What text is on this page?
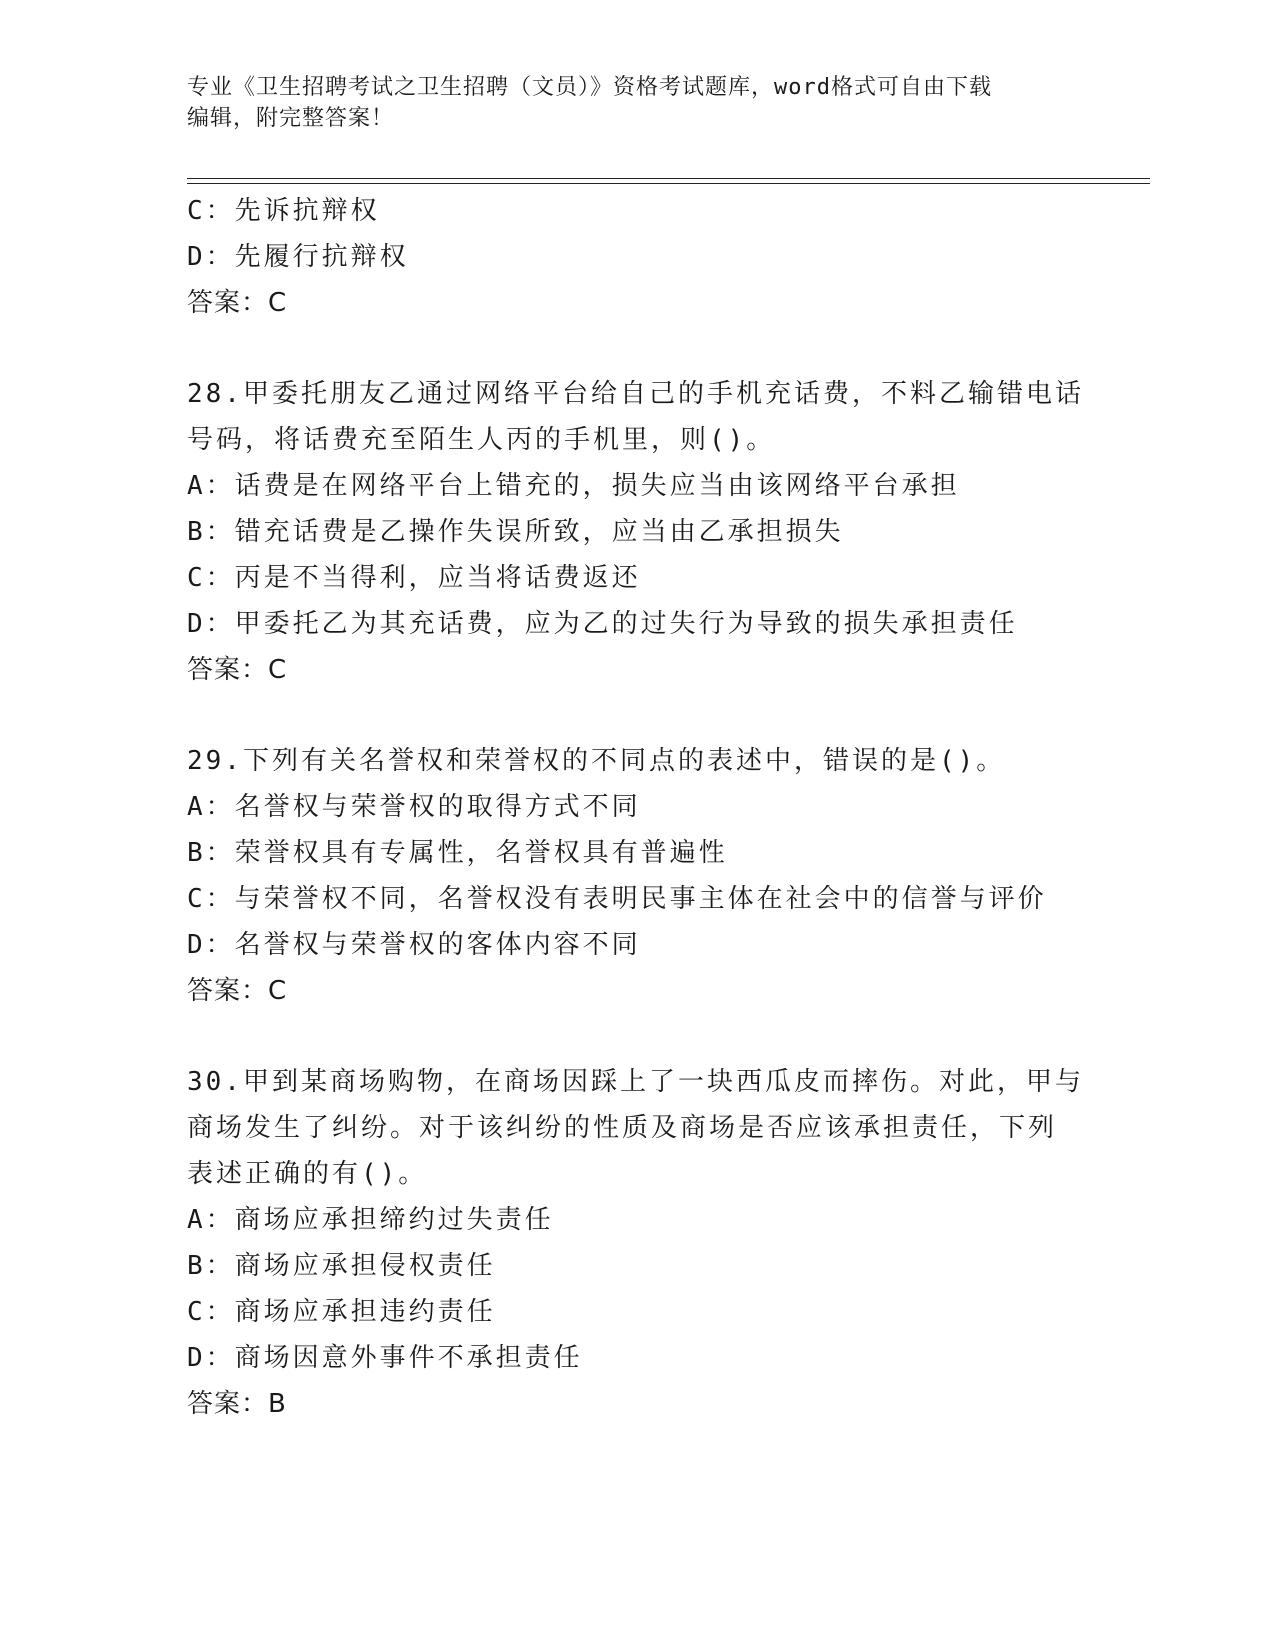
专业《卫生招聘考试之卫生招聘（文员）》资格考试题库，word格式可自由下载
编辑，附完整答案！
C：先诉抗辩权
D：先履行抗辩权
答案：C
28.甲委托朋友乙通过网络平台给自己的手机充话费，不料乙输错电话
号码，将话费充至陌生人丙的手机里，则()。
A：话费是在网络平台上错充的，损失应当由该网络平台承担
B：错充话费是乙操作失误所致，应当由乙承担损失
C：丙是不当得利，应当将话费返还
D：甲委托乙为其充话费，应为乙的过失行为导致的损失承担责任
答案：C
29.下列有关名誉权和荣誉权的不同点的表述中，错误的是()。
A：名誉权与荣誉权的取得方式不同
B：荣誉权具有专属性，名誉权具有普遍性
C：与荣誉权不同，名誉权没有表明民事主体在社会中的信誉与评价
D：名誉权与荣誉权的客体内容不同
答案：C
30.甲到某商场购物，在商场因踩上了一块西瓜皮而摔伤。对此，甲与
商场发生了纠纷。对于该纠纷的性质及商场是否应该承担责任，下列
表述正确的有()。
A：商场应承担缔约过失责任
B：商场应承担侵权责任
C：商场应承担违约责任
D：商场因意外事件不承担责任
答案：B
